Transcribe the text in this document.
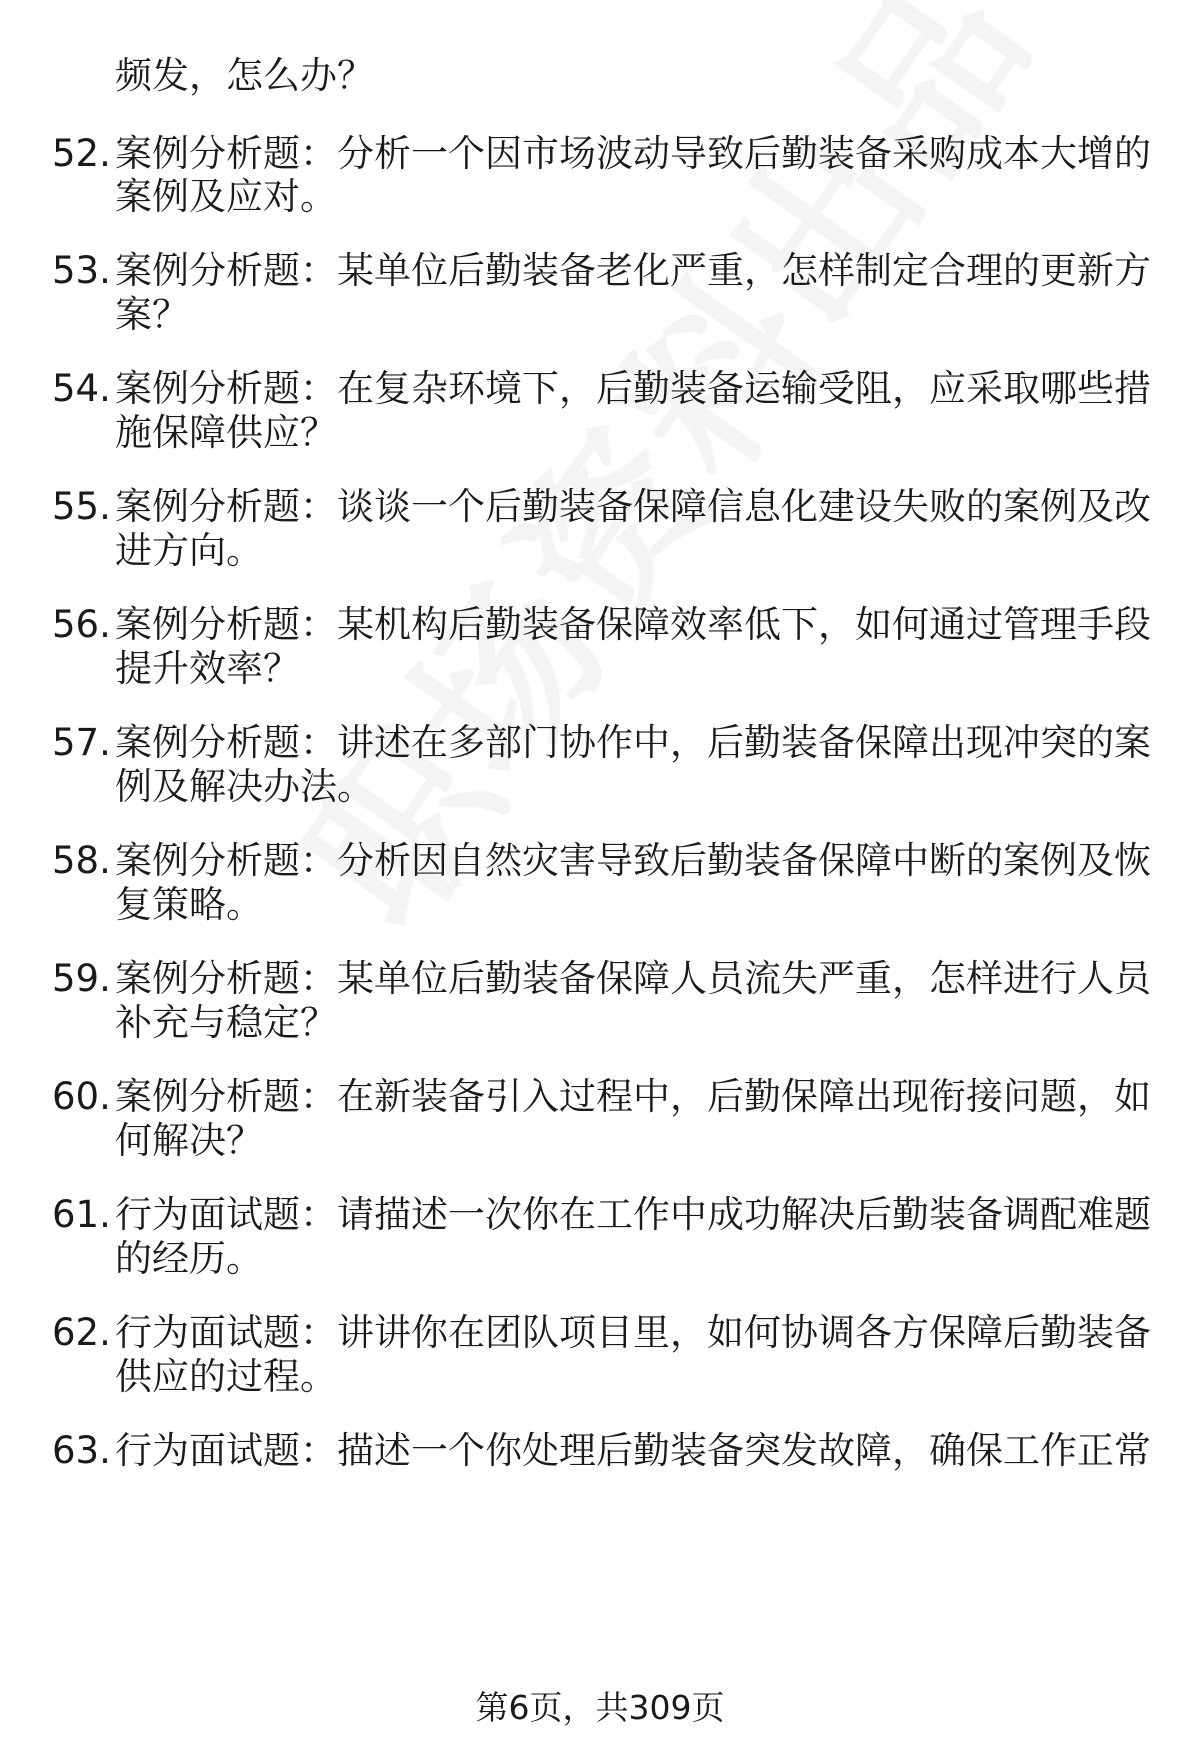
频发，怎么办？
52. 案例分析题：分析一个因市场波动导致后勤装备采购成本大增的
案例及应对。
53. 案例分析题：某单位后勤装备老化严重，怎样制定合理的更新方
案？
54. 案例分析题：在复杂环境下，后勤装备运输受阻，应采取哪些措
施保障供应？
55. 案例分析题：谈谈一个后勤装备保障信息化建设失败的案例及改
进方向。
56. 案例分析题：某机构后勤装备保障效率低下，如何通过管理手段
提升效率？
57. 案例分析题：讲述在多部门协作中，后勤装备保障出现冲突的案
例及解决办法。
58. 案例分析题：分析因自然灾害导致后勤装备保障中断的案例及恢
复策略。
59. 案例分析题：某单位后勤装备保障人员流失严重，怎样进行人员
补充与稳定？
60. 案例分析题：在新装备引入过程中，后勤保障出现衔接问题，如
何解决？
61. 行为面试题：请描述一次你在工作中成功解决后勤装备调配难题
的经历。
62. 行为面试题：讲讲你在团队项目里，如何协调各方保障后勤装备
供应的过程。
63. 行为面试题：描述一个你处理后勤装备突发故障，确保工作正常
第6页，共309页
